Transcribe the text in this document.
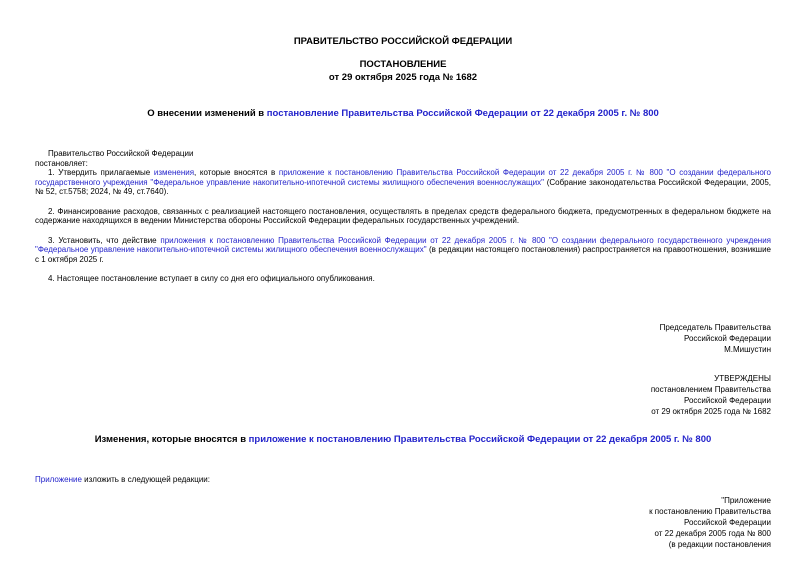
ПРАВИТЕЛЬСТВО РОССИЙСКОЙ ФЕДЕРАЦИИ
ПОСТАНОВЛЕНИЕ
от 29 октября 2025 года № 1682
О внесении изменений в постановление Правительства Российской Федерации от 22 декабря 2005 г. № 800
Правительство Российской Федерации
постановляет:
1. Утвердить прилагаемые изменения, которые вносятся в приложение к постановлению Правительства Российской Федерации от 22 декабря 2005 г. № 800 "О создании федерального государственного учреждения "Федеральное управление накопительно-ипотечной системы жилищного обеспечения военнослужащих" (Собрание законодательства Российской Федерации, 2005, № 52, ст.5758; 2024, № 49, ст.7640).
2. Финансирование расходов, связанных с реализацией настоящего постановления, осуществлять в пределах средств федерального бюджета, предусмотренных в федеральном бюджете на содержание находящихся в ведении Министерства обороны Российской Федерации федеральных государственных учреждений.
3. Установить, что действие приложения к постановлению Правительства Российской Федерации от 22 декабря 2005 г. № 800 "О создании федерального государственного учреждения "Федеральное управление накопительно-ипотечной системы жилищного обеспечения военнослужащих" (в редакции настоящего постановления) распространяется на правоотношения, возникшие с 1 октября 2025 г.
4. Настоящее постановление вступает в силу со дня его официального опубликования.
Председатель Правительства
Российской Федерации
М.Мишустин
УТВЕРЖДЕНЫ
постановлением Правительства
Российской Федерации
от 29 октября 2025 года № 1682
Изменения, которые вносятся в приложение к постановлению Правительства Российской Федерации от 22 декабря 2005 г. № 800
Приложение изложить в следующей редакции:
"Приложение
к постановлению Правительства
Российской Федерации
от 22 декабря 2005 года № 800
(в редакции постановления
